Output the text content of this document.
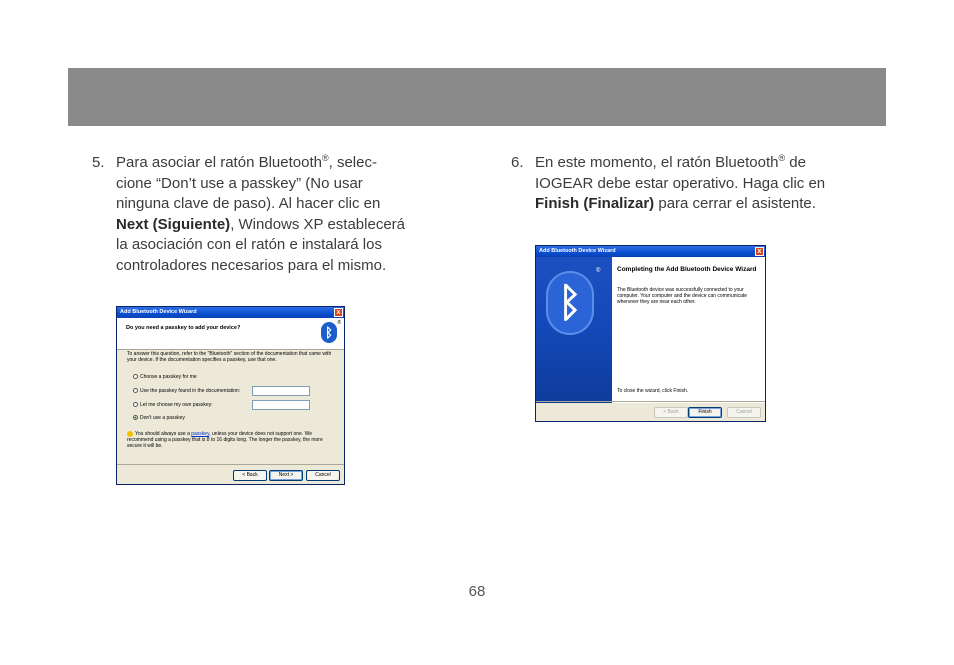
5. Para asociar el ratón Bluetooth®, selec-
cione “Don’t use a passkey” (No usar
ninguna clave de paso). Al hacer clic en
Next (Siguiente), Windows XP establecerá
la asociación con el ratón e instalará los
controladores necesarios para el mismo.
6. En este momento, el ratón Bluetooth® de
IOGEAR debe estar operativo. Haga clic en
Finish (Finalizar) para cerrar el asistente.
Add Bluetooth Device Wizard	x
Do you need a passkey to add your device?	ᛒ
®
To answer this question, refer to the "Bluetooth" section of the documentation that came with your device. If the documentation specifies a passkey, use that one.
Choose a passkey for me
Use the passkey found in the documentation:
Let me choose my own passkey:
Don't use a passkey
You should always use a passkey, unless your device does not support one. We recommend using a passkey that is 8 to 16 digits long. The longer the passkey, the more secure it will be.
< Back	Next >	Cancel
Add Bluetooth Device Wizard	x
ᛒ
®	Completing the Add Bluetooth Device Wizard
The Bluetooth device was successfully connected to your computer. Your computer and the device can communicate whenever they are near each other.
To close the wizard, click Finish.
< Back	Finish	Cancel
68
